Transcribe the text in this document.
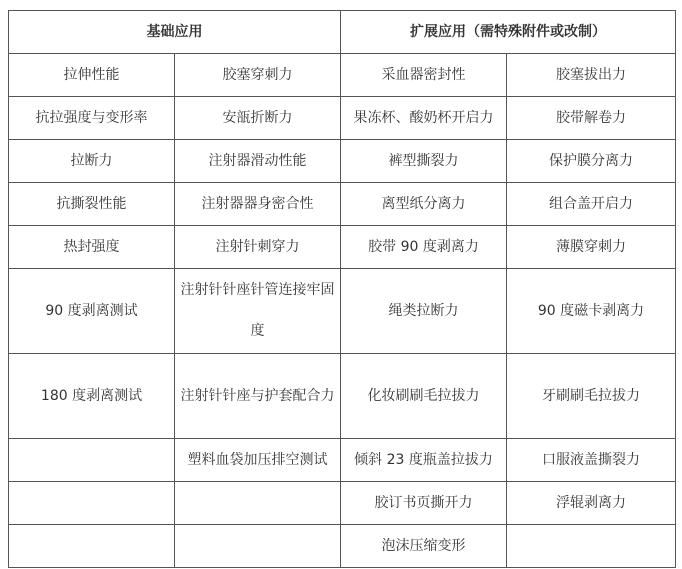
基础应用		扩展应用（需特殊附件或改制）	
拉伸性能	胶塞穿刺力	采血器密封性	胶塞拔出力
抗拉强度与变形率	安瓿折断力	果冻杯、酸奶杯开启力	胶带解卷力
拉断力	注射器滑动性能	裤型撕裂力	保护膜分离力
抗撕裂性能	注射器器身密合性	离型纸分离力	组合盖开启力
热封强度	注射针刺穿力	胶带 90 度剥离力	薄膜穿刺力
90 度剥离测试	注射针针座针管连接牢固度	绳类拉断力	90 度磁卡剥离力
180 度剥离测试	注射针针座与护套配合力	化妆刷刷毛拉拔力	牙刷刷毛拉拔力
	塑料血袋加压排空测试	倾斜 23 度瓶盖拉拔力	口服液盖撕裂力
		胶订书页撕开力	浮辊剥离力
		泡沫压缩变形	
